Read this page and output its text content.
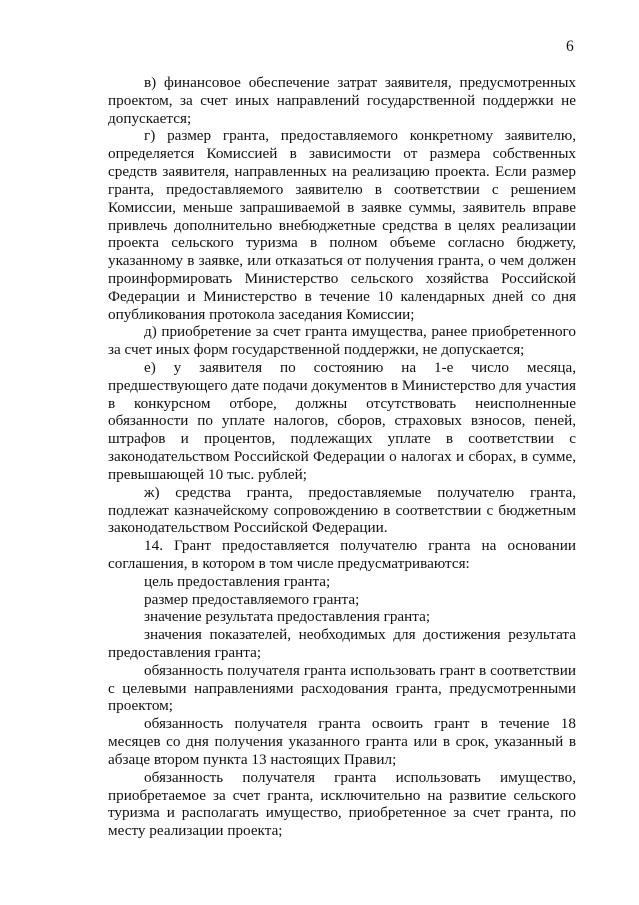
6

в) финансовое обеспечение затрат заявителя, предусмотренных проектом, за счет иных направлений государственной поддержки не допускается;

г) размер гранта, предоставляемого конкретному заявителю, определяется Комиссией в зависимости от размера собственных средств заявителя, направленных на реализацию проекта. Если размер гранта, предоставляемого заявителю в соответствии с решением Комиссии, меньше запрашиваемой в заявке суммы, заявитель вправе привлечь дополнительно внебюджетные средства в целях реализации проекта сельского туризма в полном объеме согласно бюджету, указанному в заявке, или отказаться от получения гранта, о чем должен проинформировать Министерство сельского хозяйства Российской Федерации и Министерство в течение 10 календарных дней со дня опубликования протокола заседания Комиссии;

д) приобретение за счет гранта имущества, ранее приобретенного за счет иных форм государственной поддержки, не допускается;

е) у заявителя по состоянию на 1-е число месяца, предшествующего дате подачи документов в Министерство для участия в конкурсном отборе, должны отсутствовать неисполненные обязанности по уплате налогов, сборов, страховых взносов, пеней, штрафов и процентов, подлежащих уплате в соответствии с законодательством Российской Федерации о налогах и сборах, в сумме, превышающей 10 тыс. рублей;

ж) средства гранта, предоставляемые получателю гранта, подлежат казначейскому сопровождению в соответствии с бюджетным законодательством Российской Федерации.

14. Грант предоставляется получателю гранта на основании соглашения, в котором в том числе предусматриваются:

цель предоставления гранта;

размер предоставляемого гранта;

значение результата предоставления гранта;

значения показателей, необходимых для достижения результата предоставления гранта;

обязанность получателя гранта использовать грант в соответствии с целевыми направлениями расходования гранта, предусмотренными проектом;

обязанность получателя гранта освоить грант в течение 18 месяцев со дня получения указанного гранта или в срок, указанный в абзаце втором пункта 13 настоящих Правил;

обязанность получателя гранта использовать имущество, приобретаемое за счет гранта, исключительно на развитие сельского туризма и располагать имущество, приобретенное за счет гранта, по месту реализации проекта;
